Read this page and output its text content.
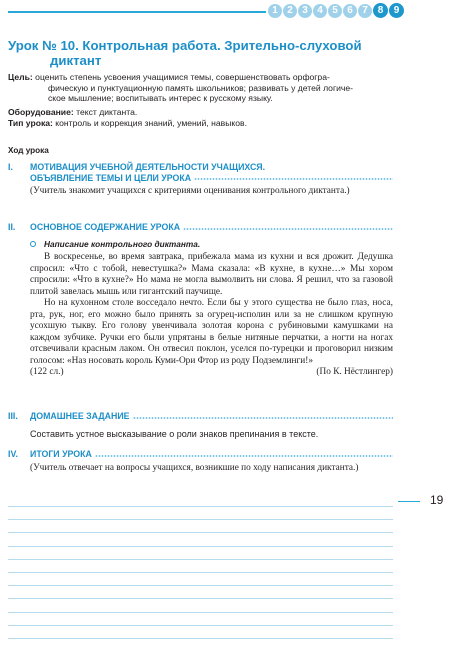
1 2 3 4 5 6 7 8	9
Урок № 10. Контрольная работа. Зрительно-слуховой
диктант
Цель: оценить степень усвоения учащимися темы, совершенствовать орфогра-
фическую и пунктуационную память школьников; развивать у детей логиче-
ское мышление; воспитывать интерес к русскому языку.
Оборудование: текст диктанта.
Тип урока: контроль и коррекция знаний, умений, навыков.
Ход урока
I.	МОТИВАЦИЯ УЧЕБНОЙ ДЕЯТЕЛЬНОСТИ УЧАЩИХСЯ.
ОБЪЯВЛЕНИЕ ТЕМЫ И ЦЕЛИ УРОКА

(Учитель знакомит учащихся с критериями оценивания контрольного диктанта.)

II.	ОСНОВНОЕ СОДЕРЖАНИЕ УРОКА
Написание контрольного диктанта.

В воскресенье, во время завтрака, прибежала мама из кухни и вся дрожит. Дедушка спросил: «Что с тобой, невестушка?» Мама сказала: «В кухне, в кухне…» Мы хором спросили: «Что в кухне?» Но мама не могла вымолвить ни слова. Я решил, что за газовой плитой завелась мышь или гигантский паучище.

Но на кухонном столе восседало нечто. Если бы у этого существа не было глаз, носа, рта, рук, ног, его можно было принять за огурец-исполин или за не слишком крупную усохшую тыкву. Его голову увенчивала золотая корона с рубиновыми камушками на каждом зубчике. Ручки его были упрятаны в белые нитяные перчатки, а ногти на ногах отсвечивали красным лаком. Он отвесил поклон, уселся по-турецки и проговорил низким голосом: «Наз носовать король Куми-Ори Фтор из роду Подземлинги!»

(122 сл.)	(По К. Нёстлингер)
III.	ДОМАШНЕЕ ЗАДАНИЕ
Составить устное высказывание о роли знаков препинания в тексте.
IV.	ИТОГИ УРОКА

(Учитель отвечает на вопросы учащихся, возникшие по ходу написания диктанта.)

19
